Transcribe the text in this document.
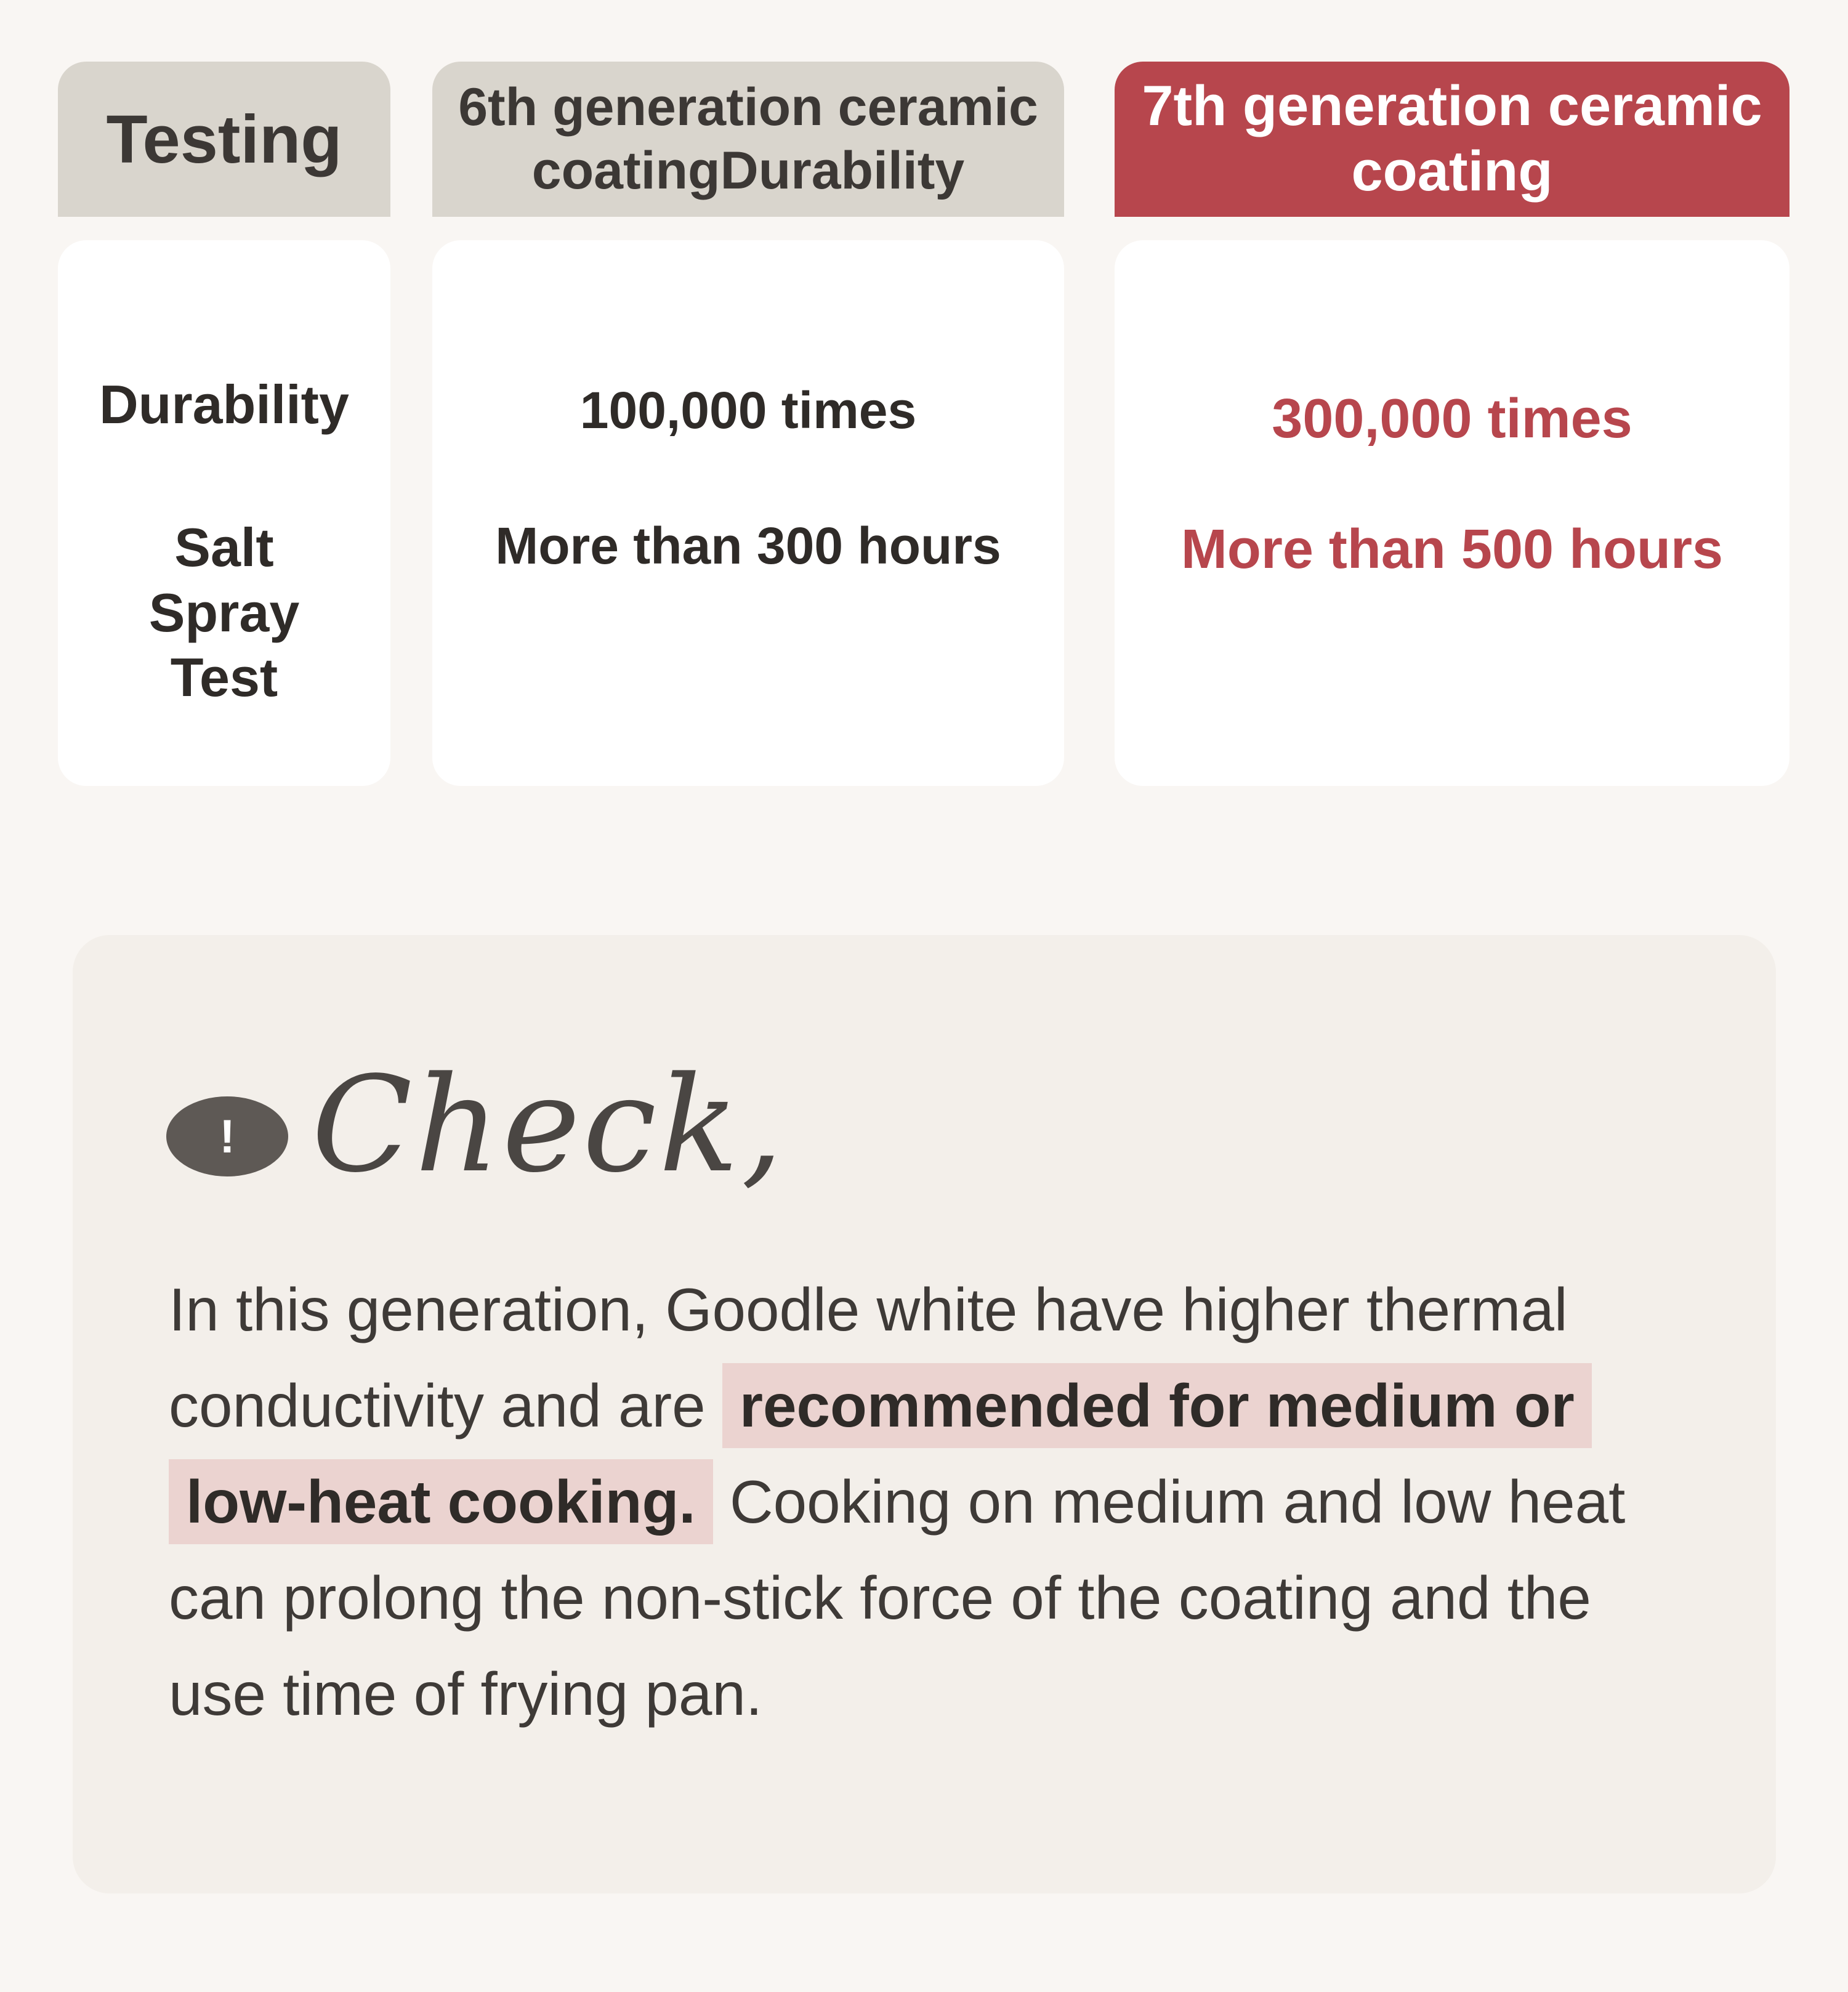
Testing 6th generation ceramic coatingDurability
7th generation ceramic coating
Durability
Salt Spray Test
100,000 times
More than 300 hours
300,000 times
More than 500 hours
! Check,
In this generation, Goodle white have higher thermal conductivity and are recommended for medium or low-heat cooking. Cooking on medium and low heat can prolong the non-stick force of the coating and the use time of frying pan.
